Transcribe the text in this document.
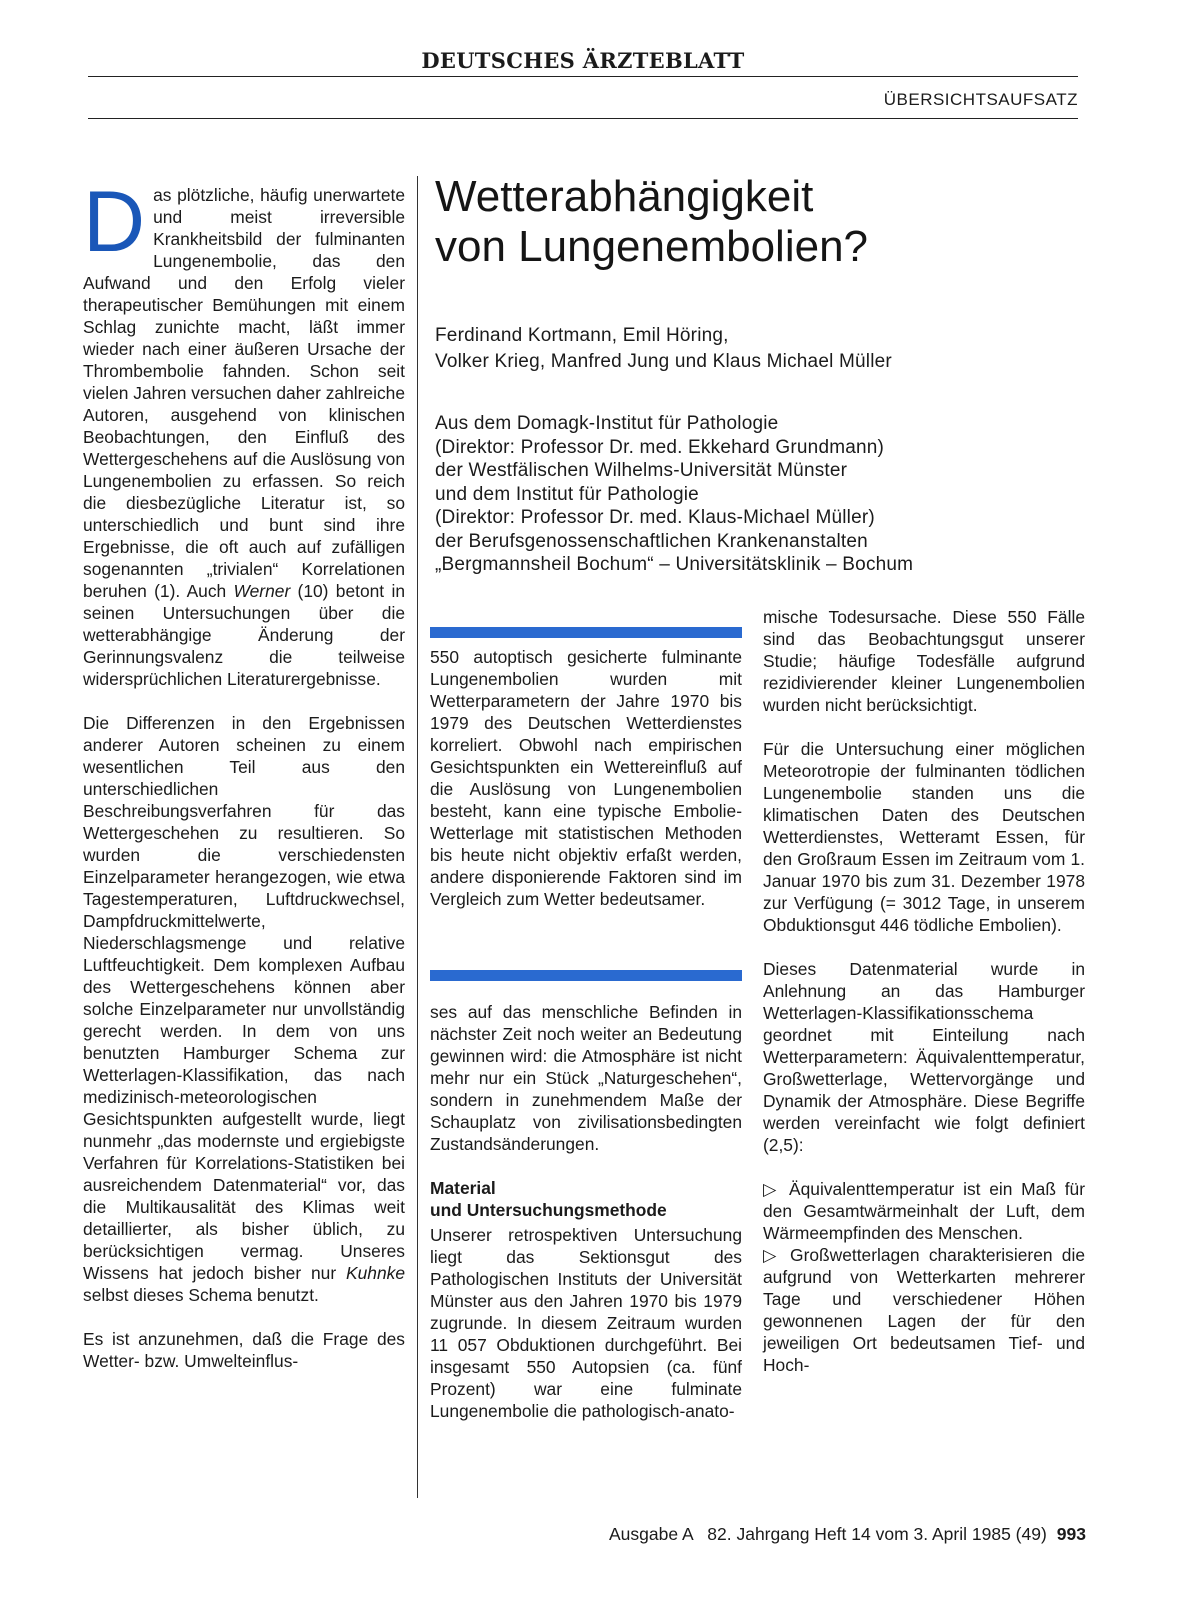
DEUTSCHES ÄRZTEBLATT
ÜBERSICHTSAUFSATZ

Das plötzliche, häufig unerwartete und meist irreversible Krankheitsbild der fulminanten Lungenembolie, das den Aufwand und den Erfolg vieler therapeutischer Bemühungen mit einem Schlag zunichte macht, läßt immer wieder nach einer äußeren Ursache der Thrombembolie fahnden. Schon seit vielen Jahren versuchen daher zahlreiche Autoren, ausgehend von klinischen Beobachtungen, den Einfluß des Wettergeschehens auf die Auslösung von Lungenembolien zu erfassen. So reich die diesbezügliche Literatur ist, so unterschiedlich und bunt sind ihre Ergebnisse, die oft auch auf zufälligen sogenannten „trivialen“ Korrelationen beruhen (1). Auch Werner (10) betont in seinen Untersuchungen über die wetterabhängige Änderung der Gerinnungsvalenz die teilweise widersprüchlichen Literaturergebnisse.

Die Differenzen in den Ergebnissen anderer Autoren scheinen zu einem wesentlichen Teil aus den unterschiedlichen Beschreibungsverfahren für das Wettergeschehen zu resultieren. So wurden die verschiedensten Einzelparameter herangezogen, wie etwa Tagestemperaturen, Luftdruckwechsel, Dampfdruckmittelwerte, Niederschlagsmenge und relative Luftfeuchtigkeit. Dem komplexen Aufbau des Wettergeschehens können aber solche Einzelparameter nur unvollständig gerecht werden. In dem von uns benutzten Hamburger Schema zur Wetterlagen-Klassifikation, das nach medizinisch-meteorologischen Gesichtspunkten aufgestellt wurde, liegt nunmehr „das modernste und ergiebigste Verfahren für Korrelations-Statistiken bei ausreichendem Datenmaterial“ vor, das die Multikausalität des Klimas weit detaillierter, als bisher üblich, zu berücksichtigen vermag. Unseres Wissens hat jedoch bisher nur Kuhnke selbst dieses Schema benutzt.

Es ist anzunehmen, daß die Frage des Wetter- bzw. Umwelteinflus-

Wetterabhängigkeit
von Lungenembolien?
Ferdinand Kortmann, Emil Höring,
Volker Krieg, Manfred Jung und Klaus Michael Müller
Aus dem Domagk-Institut für Pathologie
(Direktor: Professor Dr. med. Ekkehard Grundmann)
der Westfälischen Wilhelms-Universität Münster
und dem Institut für Pathologie
(Direktor: Professor Dr. med. Klaus-Michael Müller)
der Berufsgenossenschaftlichen Krankenanstalten
„Bergmannsheil Bochum“ – Universitätsklinik – Bochum

550 autoptisch gesicherte fulminante Lungenembolien wurden mit Wetterparametern der Jahre 1970 bis 1979 des Deutschen Wetterdienstes korreliert. Obwohl nach empirischen Gesichtspunkten ein Wettereinfluß auf die Auslösung von Lungenembolien besteht, kann eine typische Embolie-Wetterlage mit statistischen Methoden bis heute nicht objektiv erfaßt werden, andere disponierende Faktoren sind im Vergleich zum Wetter bedeutsamer.

ses auf das menschliche Befinden in nächster Zeit noch weiter an Bedeutung gewinnen wird: die Atmosphäre ist nicht mehr nur ein Stück „Naturgeschehen“, sondern in zunehmendem Maße der Schauplatz von zivilisationsbedingten Zustandsänderungen.

Material
und Untersuchungsmethode

Unserer retrospektiven Untersuchung liegt das Sektionsgut des Pathologischen Instituts der Universität Münster aus den Jahren 1970 bis 1979 zugrunde. In diesem Zeitraum wurden 11 057 Obduktionen durchgeführt. Bei insgesamt 550 Autopsien (ca. fünf Prozent) war eine fulminate Lungenembolie die pathologisch-anato-

mische Todesursache. Diese 550 Fälle sind das Beobachtungsgut unserer Studie; häufige Todesfälle aufgrund rezidivierender kleiner Lungenembolien wurden nicht berücksichtigt.

Für die Untersuchung einer möglichen Meteorotropie der fulminanten tödlichen Lungenembolie standen uns die klimatischen Daten des Deutschen Wetterdienstes, Wetteramt Essen, für den Großraum Essen im Zeitraum vom 1. Januar 1970 bis zum 31. Dezember 1978 zur Verfügung (= 3012 Tage, in unserem Obduktionsgut 446 tödliche Embolien).

Dieses Datenmaterial wurde in Anlehnung an das Hamburger Wetterlagen-Klassifikationsschema geordnet mit Einteilung nach Wetterparametern: Äquivalenttemperatur, Großwetterlage, Wettervorgänge und Dynamik der Atmosphäre. Diese Begriffe werden vereinfacht wie folgt definiert (2,5):

▷ Äquivalenttemperatur ist ein Maß für den Gesamtwärmeinhalt der Luft, dem Wärmeempfinden des Menschen.

▷ Großwetterlagen charakterisieren die aufgrund von Wetterkarten mehrerer Tage und verschiedener Höhen gewonnenen Lagen der für den jeweiligen Ort bedeutsamen Tief- und Hoch-

Ausgabe A   82. Jahrgang Heft 14 vom 3. April 1985 (49) 993
